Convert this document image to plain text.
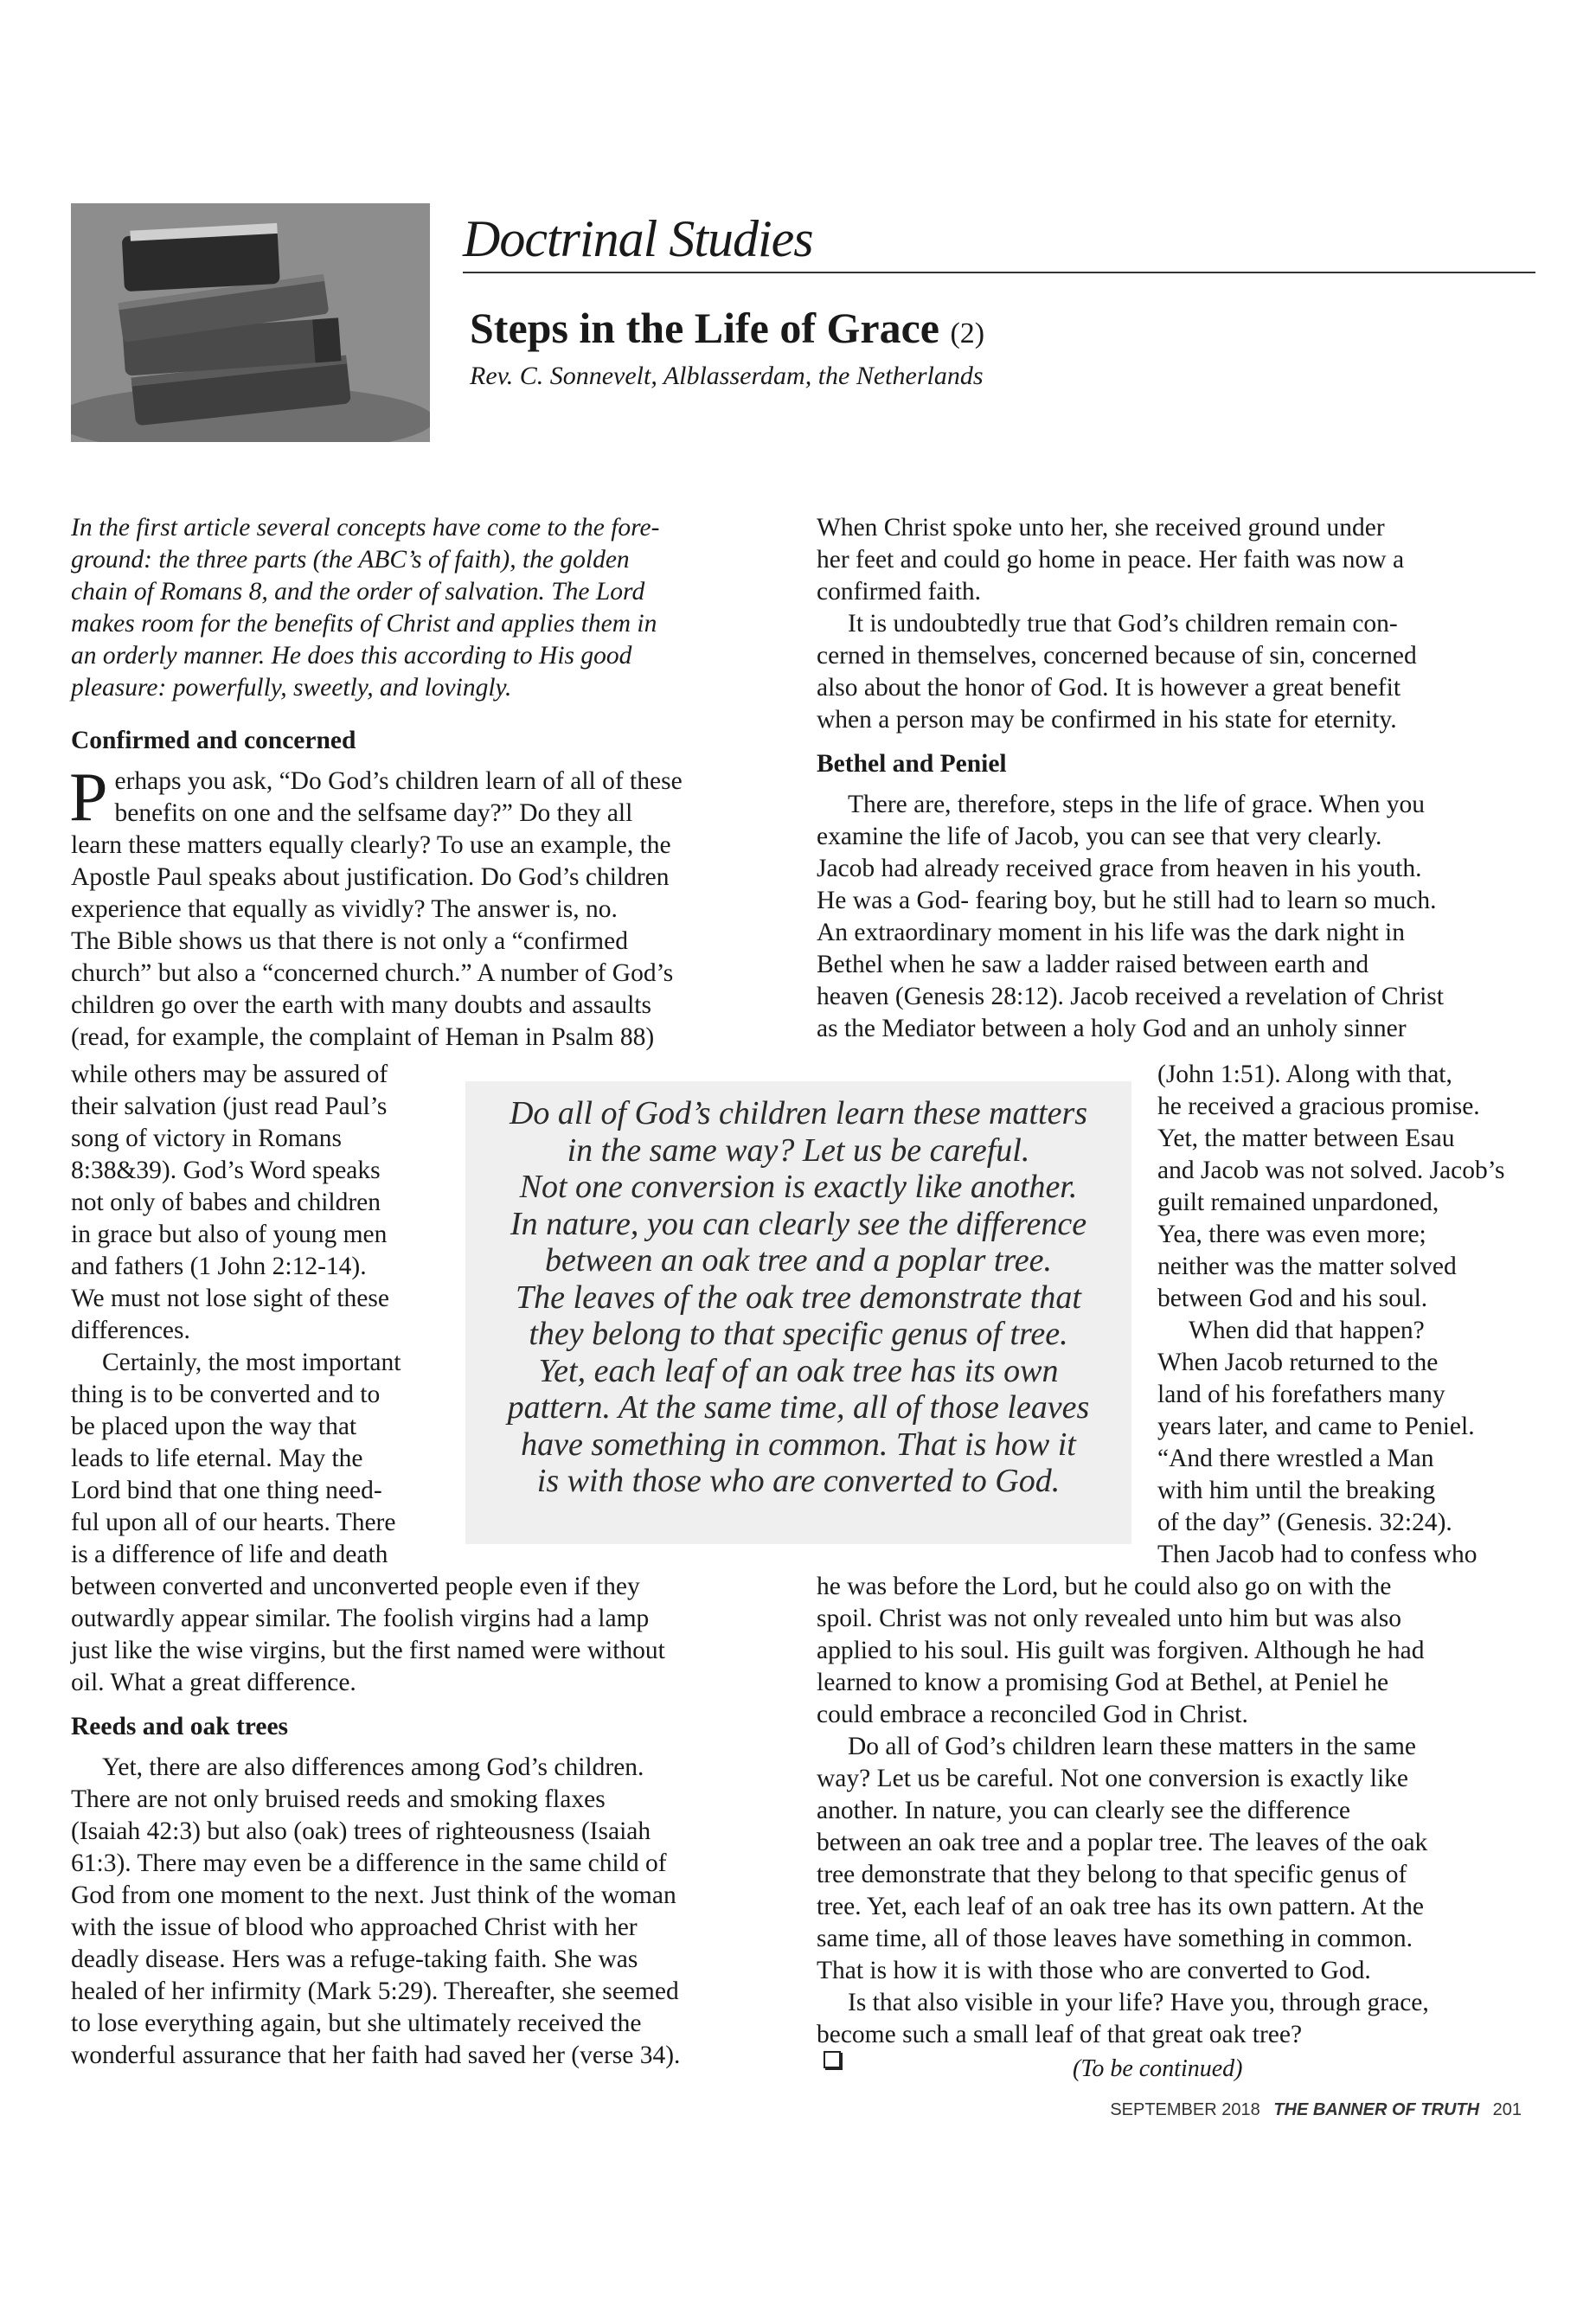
Doctrinal Studies
Steps in the Life of Grace (2)
Rev. C. Sonnevelt, Alblasserdam, the Netherlands
In the first article several concepts have come to the fore-
ground: the three parts (the ABC’s of faith), the golden
chain of Romans 8, and the order of salvation. The Lord
makes room for the benefits of Christ and applies them in
an orderly manner. He does this according to His good
pleasure: powerfully, sweetly, and lovingly.
Confirmed and concerned
P erhaps you ask, “Do God’s children learn of all of these
benefits on one and the selfsame day?” Do they all
learn these matters equally clearly? To use an example, the
Apostle Paul speaks about justification. Do God’s children
experience that equally as vividly? The answer is, no.
The Bible shows us that there is not only a “confirmed
church” but also a “concerned church.” A number of God’s
children go over the earth with many doubts and assaults
(read, for example, the complaint of Heman in Psalm 88)
while others may be assured of
their salvation (just read Paul’s
song of victory in Romans
8:38&39). God’s Word speaks
not only of babes and children
in grace but also of young men
and fathers (1 John 2:12-14).
We must not lose sight of these
differences.
Certainly, the most important
thing is to be converted and to
be placed upon the way that
leads to life eternal. May the
Lord bind that one thing need-
ful upon all of our hearts. There
is a difference of life and death
between converted and unconverted people even if they
outwardly appear similar. The foolish virgins had a lamp
just like the wise virgins, but the first named were without
oil. What a great difference.
Reeds and oak trees
Yet, there are also differences among God’s children.
There are not only bruised reeds and smoking flaxes
(Isaiah 42:3) but also (oak) trees of righteousness (Isaiah
61:3). There may even be a difference in the same child of
God from one moment to the next. Just think of the woman
with the issue of blood who approached Christ with her
deadly disease. Hers was a refuge-taking faith. She was
healed of her infirmity (Mark 5:29). Thereafter, she seemed
to lose everything again, but she ultimately received the
wonderful assurance that her faith had saved her (verse 34).
When Christ spoke unto her, she received ground under
her feet and could go home in peace. Her faith was now a
confirmed faith.
It is undoubtedly true that God’s children remain con-
cerned in themselves, concerned because of sin, concerned
also about the honor of God. It is however a great benefit
when a person may be confirmed in his state for eternity.
Bethel and Peniel
There are, therefore, steps in the life of grace. When you
examine the life of Jacob, you can see that very clearly.
Jacob had already received grace from heaven in his youth.
He was a God- fearing boy, but he still had to learn so much.
An extraordinary moment in his life was the dark night in
Bethel when he saw a ladder raised between earth and
heaven (Genesis 28:12). Jacob received a revelation of Christ
as the Mediator between a holy God and an unholy sinner
(John 1:51). Along with that,
he received a gracious promise.
Yet, the matter between Esau
and Jacob was not solved. Jacob’s
guilt remained unpardoned,
Yea, there was even more;
neither was the matter solved
between God and his soul.
When did that happen?
When Jacob returned to the
land of his forefathers many
years later, and came to Peniel.
“And there wrestled a Man
with him until the breaking
of the day” (Genesis. 32:24).
Then Jacob had to confess who
he was before the Lord, but he could also go on with the
spoil. Christ was not only revealed unto him but was also
applied to his soul. His guilt was forgiven. Although he had
learned to know a promising God at Bethel, at Peniel he
could embrace a reconciled God in Christ.
Do all of God’s children learn these matters in the same
way? Let us be careful. Not one conversion is exactly like
another. In nature, you can clearly see the difference
between an oak tree and a poplar tree. The leaves of the oak
tree demonstrate that they belong to that specific genus of
tree. Yet, each leaf of an oak tree has its own pattern. At the
same time, all of those leaves have something in common.
That is how it is with those who are converted to God.
Is that also visible in your life? Have you, through grace,
become such a small leaf of that great oak tree?
(To be continued)
Do all of God’s children learn these matters
in the same way? Let us be careful.
Not one conversion is exactly like another.
In nature, you can clearly see the difference
between an oak tree and a poplar tree.
The leaves of the oak tree demonstrate that
they belong to that specific genus of tree.
Yet, each leaf of an oak tree has its own
pattern. At the same time, all of those leaves
have something in common. That is how it
is with those who are converted to God.
SEPTEMBER 2018 THE BANNER OF TRUTH 201
